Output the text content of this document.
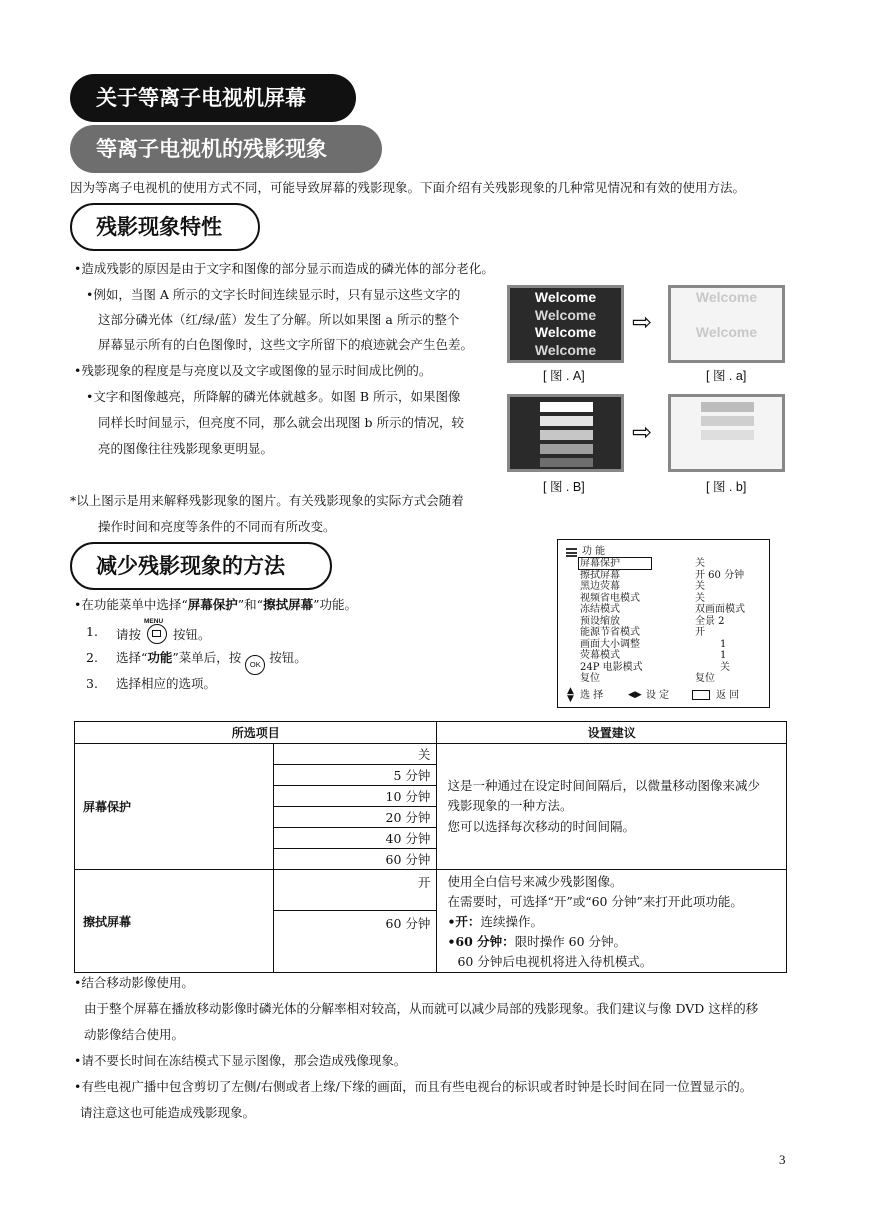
关于等离子电视机屏幕
等离子电视机的残影现象
因为等离子电视机的使用方式不同，可能导致屏幕的残影现象。下面介绍有关残影现象的几种常见情况和有效的使用方法。
残影现象特性
•造成残影的原因是由于文字和图像的部分显示而造成的磷光体的部分老化。
•例如，当图 A 所示的文字长时间连续显示时，只有显示这些文字的
这部分磷光体（红/绿/蓝）发生了分解。所以如果图 a 所示的整个
屏幕显示所有的白色图像时，这些文字所留下的痕迹就会产生色差。
•残影现象的程度是与亮度以及文字或图像的显示时间成比例的。
•文字和图像越亮，所降解的磷光体就越多。如图 B 所示，如果图像
同样长时间显示，但亮度不同，那么就会出现图 b 所示的情况，较
亮的图像往往残影现象更明显。
*以上图示是用来解释残影现象的图片。有关残影现象的实际方式会随着
操作时间和亮度等条件的不同而有所改变。
Welcome
Welcome
Welcome
Welcome
⇨
Welcome
Welcome
[ 图 . A]	[ 图 . a]
⇨
[ 图 . B]	[ 图 . b]
减少残影现象的方法
•在功能菜单中选择“屏幕保护”和“擦拭屏幕”功能。
1. 请按
MENU
按钮。
2. 选择“功能”菜单后，按 OK 按钮。
3. 选择相应的选项。
功 能
屏幕保护	关
擦拭屏幕	开 60 分钟
黑边荧幕	关
视频省电模式	关
冻结模式	双画面模式
预设缩放	全景 2
能源节省模式	开
画面大小调整	1
荧幕模式	1
24P 电影模式	关
复位	复位
▲
▼ 选 择	◀▶ 设 定	返 回
所选项目		设置建议
屏幕保护	关	这是一种通过在设定时间间隔后，以微量移动图像来减少
残影现象的一种方法。
您可以选择每次移动的时间间隔。

	5 分钟	
	10 分钟	
	20 分钟	
	40 分钟	
	60 分钟	
擦拭屏幕	开	使用全白信号来减少残影图像。
在需要时，可选择“开”或“60 分钟”来打开此项功能。
•开：连续操作。
•60 分钟：限时操作 60 分钟。
60 分钟后电视机将进入待机模式。

	60 分钟	
•结合移动影像使用。
由于整个屏幕在播放移动影像时磷光体的分解率相对较高，从而就可以减少局部的残影现象。我们建议与像 DVD 这样的移
动影像结合使用。
•请不要长时间在冻结模式下显示图像，那会造成残像现象。
•有些电视广播中包含剪切了左侧/右侧或者上缘/下缘的画面，而且有些电视台的标识或者时钟是长时间在同一位置显示的。
请注意这也可能造成残影现象。
3
